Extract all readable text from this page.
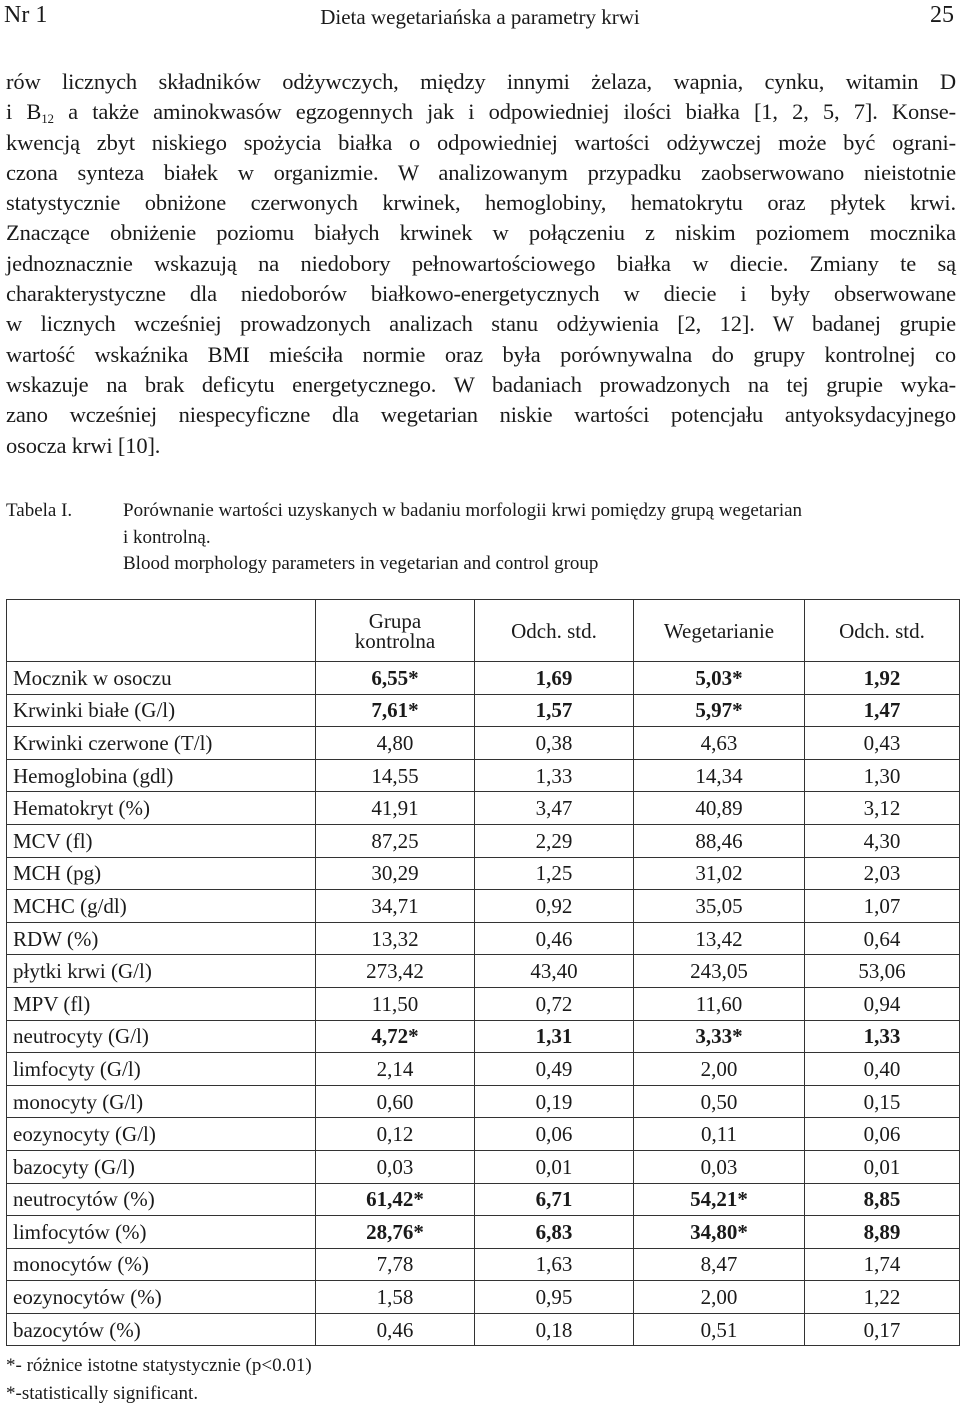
Nr 1	Dieta wegetariańska a parametry krwi	25
rów licznych składników odżywczych, między innymi żelaza, wapnia, cynku, witamin D
i $B_{12}$ a także aminokwasów egzogennych jak i odpowiedniej ilości białka [1, 2, 5, 7]. Konse-
kwencją zbyt niskiego spożycia białka o odpowiedniej wartości odżywczej może być ograni-
czona synteza białek w organizmie. W analizowanym przypadku zaobserwowano nieistotnie
statystycznie obniżone czerwonych krwinek, hemoglobiny, hematokrytu oraz płytek krwi.
Znaczące obniżenie poziomu białych krwinek w połączeniu z niskim poziomem mocznika
jednoznacznie wskazują na niedobory pełnowartościowego białka w diecie. Zmiany te są
charakterystyczne dla niedoborów białkowo-energetycznych w diecie i były obserwowane
w licznych wcześniej prowadzonych analizach stanu odżywienia [2, 12]. W badanej grupie
wartość wskaźnika BMI mieściła normie oraz była porównywalna do grupy kontrolnej co
wskazuje na brak deficytu energetycznego. W badaniach prowadzonych na tej grupie wyka-
zano wcześniej niespecyficzne dla wegetarian niskie wartości potencjału antyoksydacyjnego
osocza krwi [10].
Tabela I.	Porównanie wartości uzyskanych w badaniu morfologii krwi pomiędzy grupą wegetarian
i kontrolną.
Blood morphology parameters in vegetarian and control group

	Grupa
kontrolna	Odch. std.	Wegetarianie	Odch. std.
Mocznik w osoczu	6,55*	1,69	5,03*	1,92
Krwinki białe (G/l)	7,61*	1,57	5,97*	1,47
Krwinki czerwone (T/l)	4,80	0,38	4,63	0,43
Hemoglobina (gdl)	14,55	1,33	14,34	1,30
Hematokryt (%)	41,91	3,47	40,89	3,12
MCV (fl)	87,25	2,29	88,46	4,30
MCH (pg)	30,29	1,25	31,02	2,03
MCHC (g/dl)	34,71	0,92	35,05	1,07
RDW (%)	13,32	0,46	13,42	0,64
płytki krwi (G/l)	273,42	43,40	243,05	53,06
MPV (fl)	11,50	0,72	11,60	0,94
neutrocyty (G/l)	4,72*	1,31	3,33*	1,33
limfocyty (G/l)	2,14	0,49	2,00	0,40
monocyty (G/l)	0,60	0,19	0,50	0,15
eozynocyty (G/l)	0,12	0,06	0,11	0,06
bazocyty (G/l)	0,03	0,01	0,03	0,01
neutrocytów (%)	61,42*	6,71	54,21*	8,85
limfocytów (%)	28,76*	6,83	34,80*	8,89
monocytów (%)	7,78	1,63	8,47	1,74
eozynocytów (%)	1,58	0,95	2,00	1,22
bazocytów (%)	0,46	0,18	0,51	0,17
*- różnice istotne statystycznie (p<0.01)
*-statistically significant.
